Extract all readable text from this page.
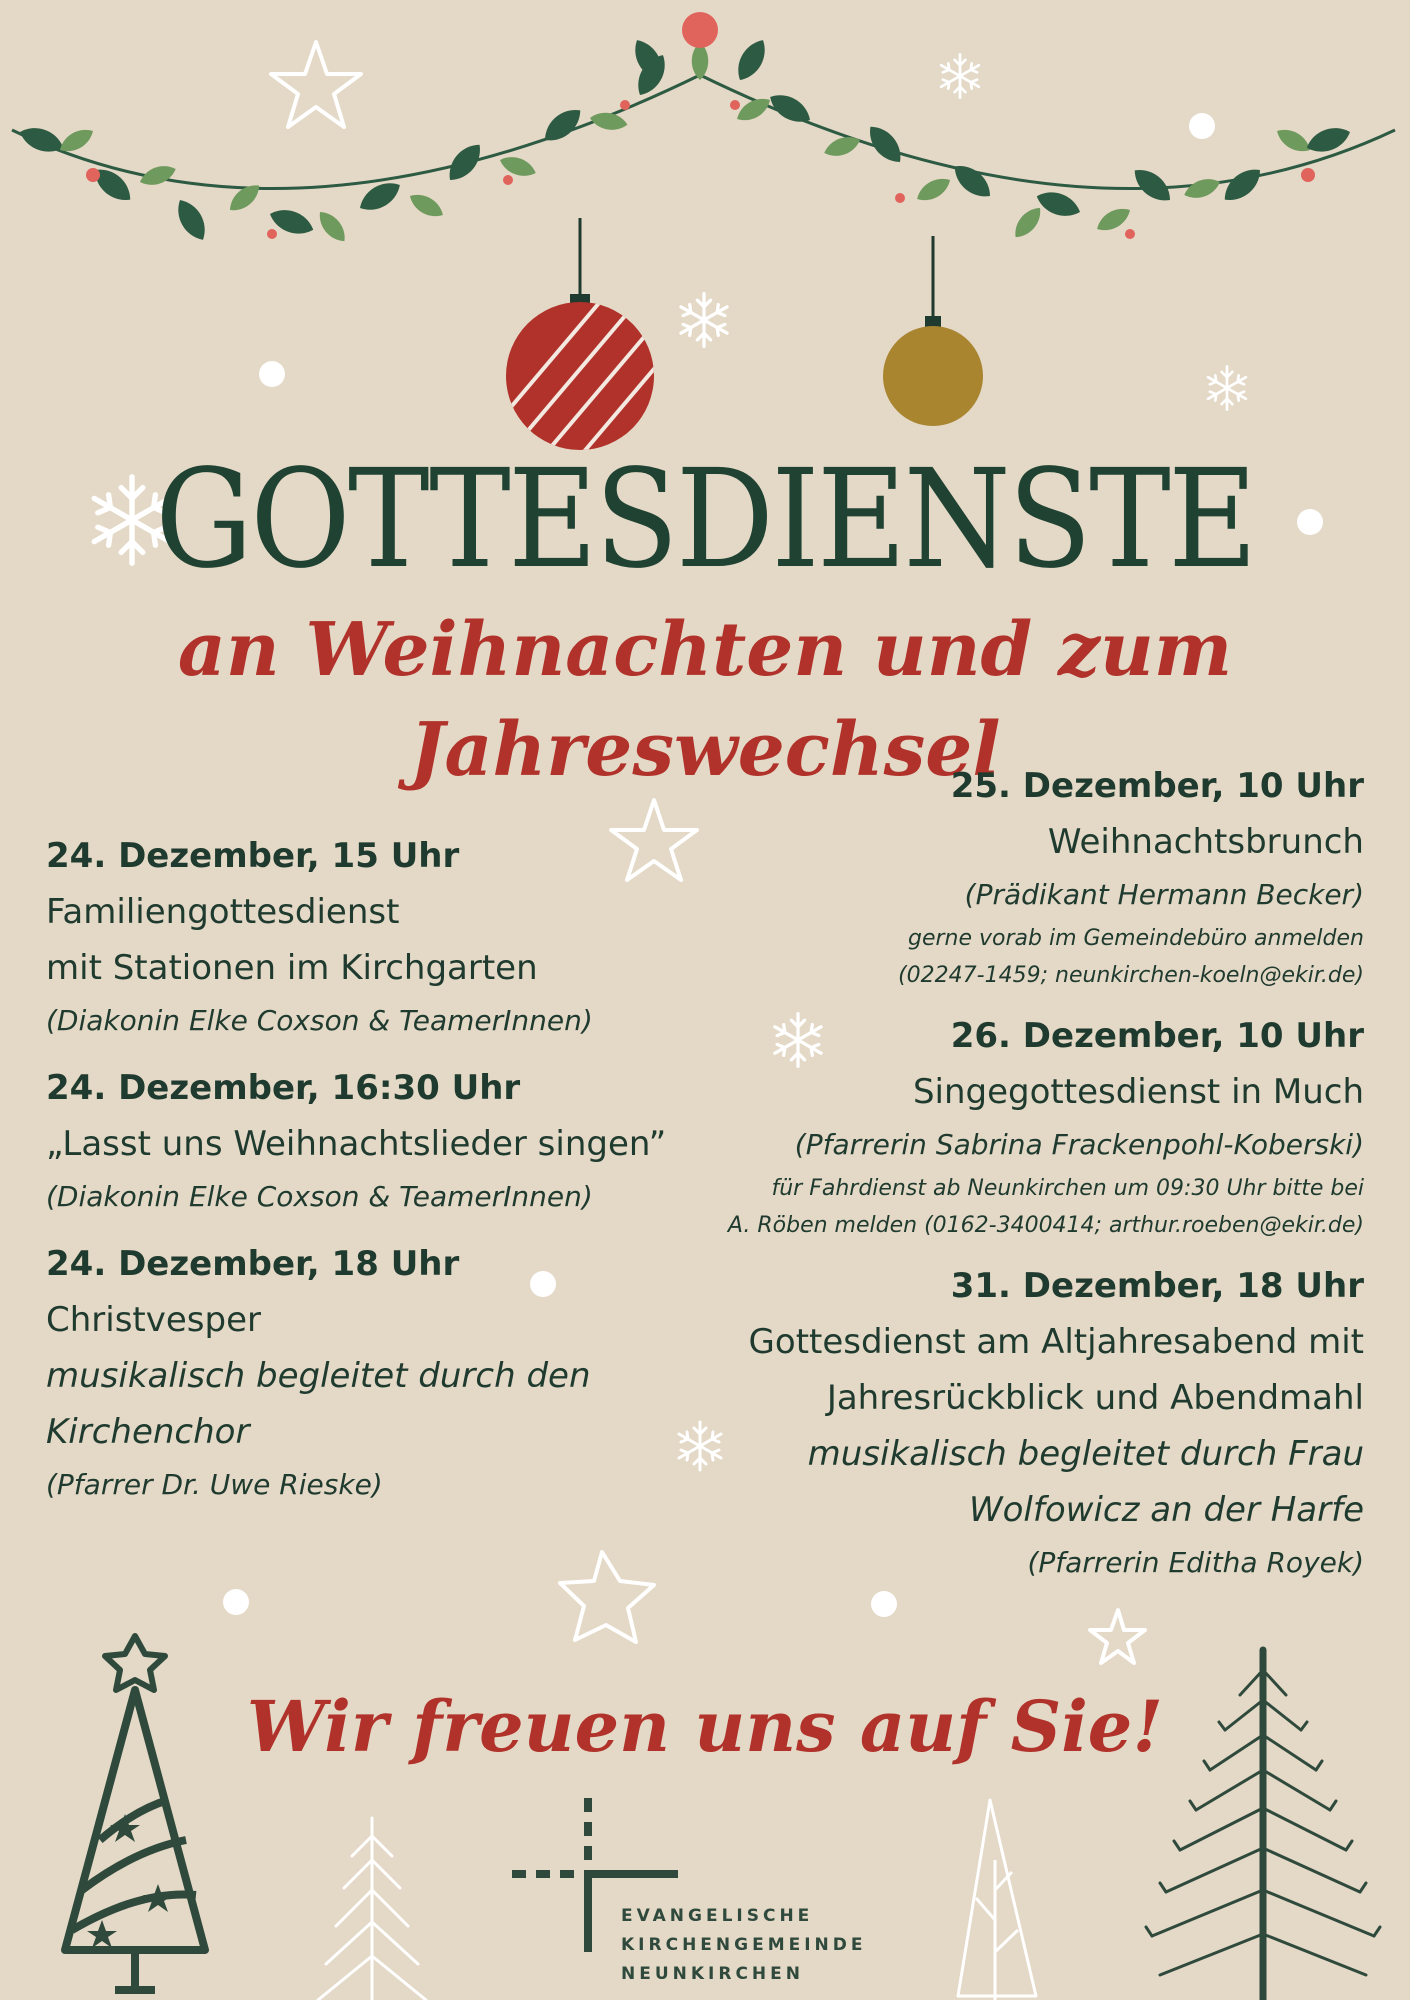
GOTTESDIENSTE
an Weihnachten und zum Jahreswechsel
24. Dezember, 15 Uhr
Familiengottesdienst
mit Stationen im Kirchgarten
(Diakonin Elke Coxson & TeamerInnen)
24. Dezember, 16:30 Uhr
„Lasst uns Weihnachtslieder singen”
(Diakonin Elke Coxson & TeamerInnen)
24. Dezember, 18 Uhr
Christvesper
musikalisch begleitet durch den
Kirchenchor
(Pfarrer Dr. Uwe Rieske)
25. Dezember, 10 Uhr
Weihnachtsbrunch
(Prädikant Hermann Becker)
gerne vorab im Gemeindebüro anmelden
(02247-1459; neunkirchen-koeln@ekir.de)
26. Dezember, 10 Uhr
Singegottesdienst in Much
(Pfarrerin Sabrina Frackenpohl-Koberski)
für Fahrdienst ab Neunkirchen um 09:30 Uhr bitte bei
A. Röben melden (0162-3400414; arthur.roeben@ekir.de)
31. Dezember, 18 Uhr
Gottesdienst am Altjahresabend mit
Jahresrückblick und Abendmahl
musikalisch begleitet durch Frau
Wolfowicz an der Harfe
(Pfarrerin Editha Royek)
Wir freuen uns auf Sie!
EVANGELISCHE
KIRCHENGEMEINDE
NEUNKIRCHEN
